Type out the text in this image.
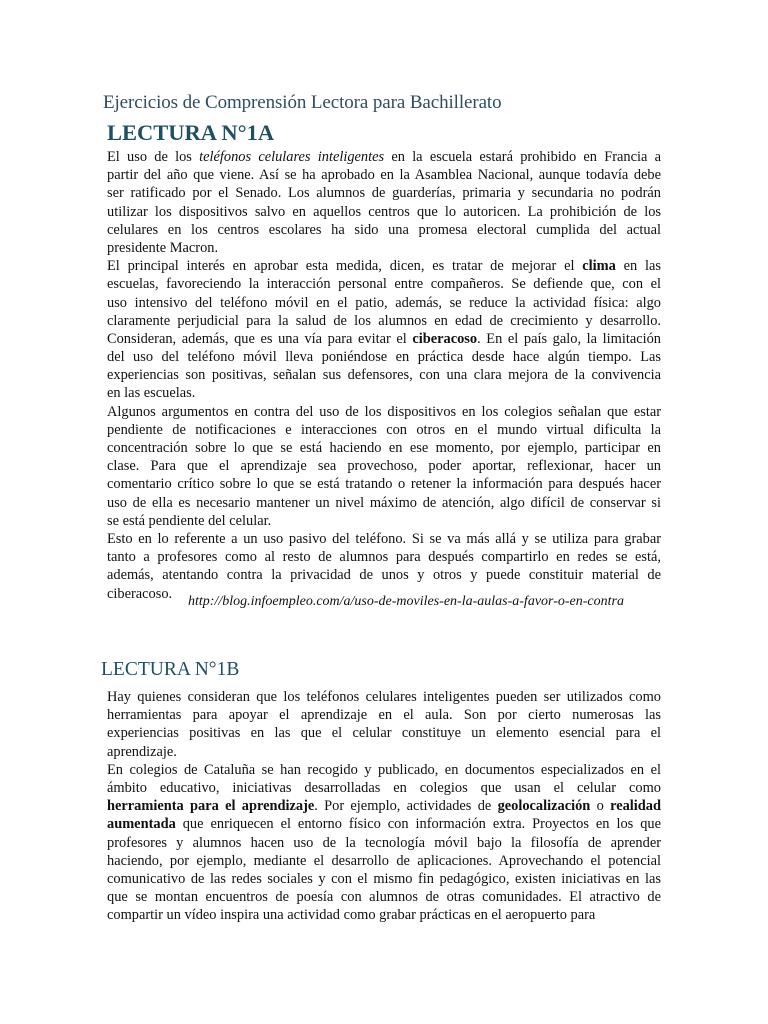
Ejercicios de Comprensión Lectora para Bachillerato
LECTURA N°1A
El uso de los teléfonos celulares inteligentes en la escuela estará prohibido en Francia a
partir del año que viene. Así se ha aprobado en la Asamblea Nacional, aunque todavía debe
ser ratificado por el Senado. Los alumnos de guarderías, primaria y secundaria no podrán
utilizar los dispositivos salvo en aquellos centros que lo autoricen. La prohibición de los
celulares en los centros escolares ha sido una promesa electoral cumplida del actual
presidente Macron.
El principal interés en aprobar esta medida, dicen, es tratar de mejorar el clima en las
escuelas, favoreciendo la interacción personal entre compañeros. Se defiende que, con el
uso intensivo del teléfono móvil en el patio, además, se reduce la actividad física: algo
claramente perjudicial para la salud de los alumnos en edad de crecimiento y desarrollo.
Consideran, además, que es una vía para evitar el ciberacoso. En el país galo, la limitación
del uso del teléfono móvil lleva poniéndose en práctica desde hace algún tiempo. Las
experiencias son positivas, señalan sus defensores, con una clara mejora de la convivencia
en las escuelas.
Algunos argumentos en contra del uso de los dispositivos en los colegios señalan que estar
pendiente de notificaciones e interacciones con otros en el mundo virtual dificulta la
concentración sobre lo que se está haciendo en ese momento, por ejemplo, participar en
clase. Para que el aprendizaje sea provechoso, poder aportar, reflexionar, hacer un
comentario crítico sobre lo que se está tratando o retener la información para después hacer
uso de ella es necesario mantener un nivel máximo de atención, algo difícil de conservar si
se está pendiente del celular.
Esto en lo referente a un uso pasivo del teléfono. Si se va más allá y se utiliza para grabar
tanto a profesores como al resto de alumnos para después compartirlo en redes se está,
además, atentando contra la privacidad de unos y otros y puede constituir material de
ciberacoso.	http://blog.infoempleo.com/a/uso-de-moviles-en-la-aulas-a-favor-o-en-contra
LECTURA N°1B
Hay quienes consideran que los teléfonos celulares inteligentes pueden ser utilizados como
herramientas para apoyar el aprendizaje en el aula. Son por cierto numerosas las
experiencias positivas en las que el celular constituye un elemento esencial para el
aprendizaje.
En colegios de Cataluña se han recogido y publicado, en documentos especializados en el
ámbito educativo, iniciativas desarrolladas en colegios que usan el celular como
herramienta para el aprendizaje. Por ejemplo, actividades de geolocalización o realidad
aumentada que enriquecen el entorno físico con información extra. Proyectos en los que
profesores y alumnos hacen uso de la tecnología móvil bajo la filosofía de aprender
haciendo, por ejemplo, mediante el desarrollo de aplicaciones. Aprovechando el potencial
comunicativo de las redes sociales y con el mismo fin pedagógico, existen iniciativas en las
que se montan encuentros de poesía con alumnos de otras comunidades. El atractivo de
compartir un vídeo inspira una actividad como grabar prácticas en el aeropuerto para
